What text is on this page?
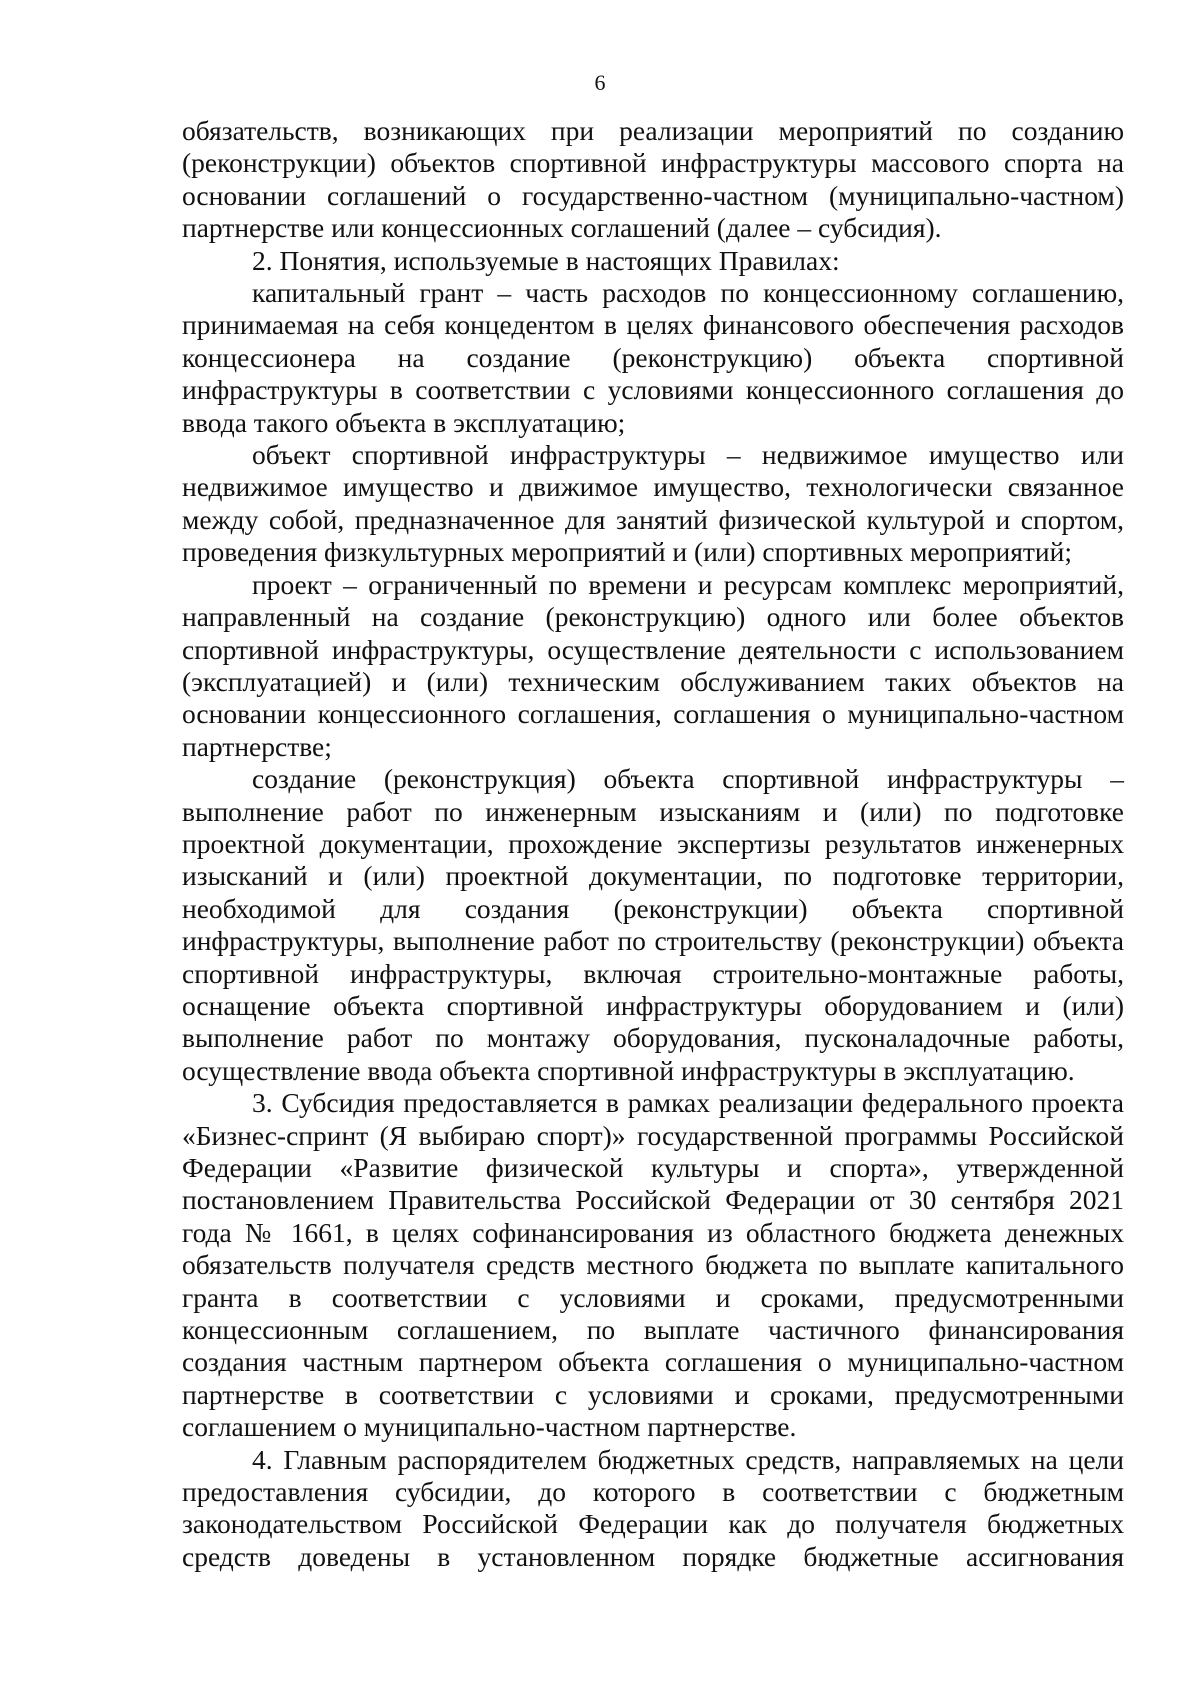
6

обязательств, возникающих при реализации мероприятий по созданию (реконструкции) объектов спортивной инфраструктуры массового спорта на основании соглашений о государственно-частном (муниципально-частном) партнерстве или концессионных соглашений (далее – субсидия).

2. Понятия, используемые в настоящих Правилах:

капитальный грант – часть расходов по концессионному соглашению, принимаемая на себя концедентом в целях финансового обеспечения расходов концессионера на создание (реконструкцию) объекта спортивной инфраструктуры в соответствии с условиями концессионного соглашения до ввода такого объекта в эксплуатацию;

объект спортивной инфраструктуры – недвижимое имущество или недвижимое имущество и движимое имущество, технологически связанное между собой, предназначенное для занятий физической культурой и спортом, проведения физкультурных мероприятий и (или) спортивных мероприятий;

проект – ограниченный по времени и ресурсам комплекс мероприятий, направленный на создание (реконструкцию) одного или более объектов спортивной инфраструктуры, осуществление деятельности с использованием (эксплуатацией) и (или) техническим обслуживанием таких объектов на основании концессионного соглашения, соглашения о муниципально-частном партнерстве;

создание (реконструкция) объекта спортивной инфраструктуры – выполнение работ по инженерным изысканиям и (или) по подготовке проектной документации, прохождение экспертизы результатов инженерных изысканий и (или) проектной документации, по подготовке территории, необходимой для создания (реконструкции) объекта спортивной инфраструктуры, выполнение работ по строительству (реконструкции) объекта спортивной инфраструктуры, включая строительно-монтажные работы, оснащение объекта спортивной инфраструктуры оборудованием и (или) выполнение работ по монтажу оборудования, пусконаладочные работы, осуществление ввода объекта спортивной инфраструктуры в эксплуатацию.

3. Субсидия предоставляется в рамках реализации федерального проекта «Бизнес-спринт (Я выбираю спорт)» государственной программы Российской Федерации «Развитие физической культуры и спорта», утвержденной постановлением Правительства Российской Федерации от 30 сентября 2021 года № 1661, в целях софинансирования из областного бюджета денежных обязательств получателя средств местного бюджета по выплате капитального гранта в соответствии с условиями и сроками, предусмотренными концессионным соглашением, по выплате частичного финансирования создания частным партнером объекта соглашения о муниципально-частном партнерстве в соответствии с условиями и сроками, предусмотренными соглашением о муниципально-частном партнерстве.

4. Главным распорядителем бюджетных средств, направляемых на цели предоставления субсидии, до которого в соответствии с бюджетным законодательством Российской Федерации как до получателя бюджетных средств доведены в установленном порядке бюджетные ассигнования
